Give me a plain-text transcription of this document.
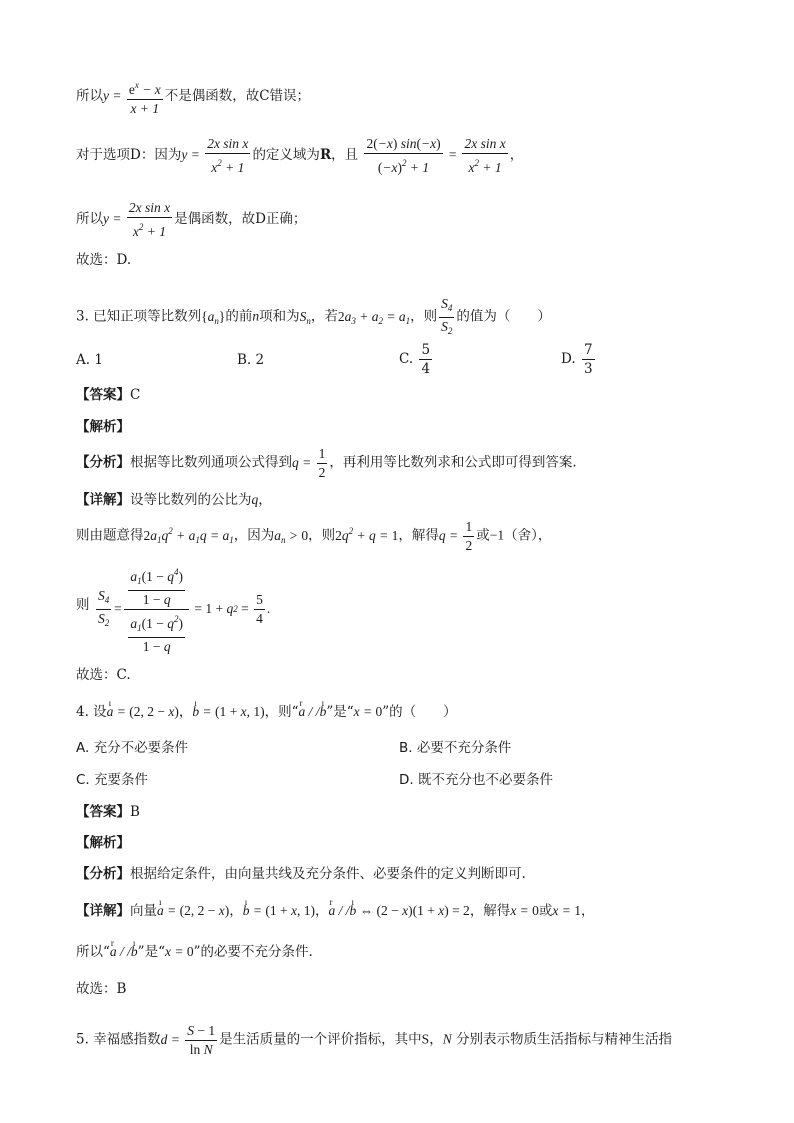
所以$y = \frac{e^x - x}{x + 1}$ 不是偶函数，故C错误；
对于选项D：因为$y = \frac{\text{2x sin x}}{x^2 + 1}$ 的定义域为R，且 $\frac{2(-x) \sin(-x)}{(-x)^2 + 1} = \frac{\text{2x sin x}}{x^2 + 1}$ ，
所以$y = \frac{\text{2x sin x}}{x^2 + 1}$ 是偶函数，故D正确；
故选：D.
3. 已知正项等比数列$\{a_n\}$的前n项和为$S_n$，若$2a_3 + a_2 = a_1$，则 $\frac{S_4}{S_2}$ 的值为（　　）
A. 1	B. 2	C. $\frac{5}{4}$	D. $\frac{7}{3}$
【答案】C
【解析】
【分析】根据等比数列通项公式得到$q = \frac{1}{2}$ ，再利用等比数列求和公式即可得到答案.
【详解】设等比数列的公比为q，
则由题意得$2a_1q^2 + a_1q = a_1$，因为$a_n > 0$，则$2q^2 + q = 1$，解得$q = \frac{1}{2}$ 或−1（舍），
则 $\frac{S_4}{S_2} = \frac{\frac{a_1(1 - q^4)}{1 - q}}{\frac{a_1(1 - q^2)}{1 - q}} = 1 + q$ $2 = \frac{5}{4}$ .
故选：C.
4. 设ı a = (2, 2 − x)，ı b = (1 + x, 1)，则“r a / /ı b”是“x = 0”的（　　）
A. 充分不必要条件	B. 必要不充分条件
C. 充要条件	D. 既不充分也不必要条件
【答案】B
【解析】
【分析】根据给定条件，由向量共线及充分条件、必要条件的定义判断即可.
【详解】向量ı a = (2, 2 − x)，ı b = (1 + x, 1)，r a / /ı b ⇔ (2 − x)(1 + x) = 2，解得x = 0或x = 1，
所以“r a / /ı b”是“x = 0”的必要不充分条件.
故选：B
5. 幸福感指数$d = \frac{S - 1}{\text{ln N}}$ 是生活质量的一个评价指标，其中S，N 分别表示物质生活指标与精神生活指
